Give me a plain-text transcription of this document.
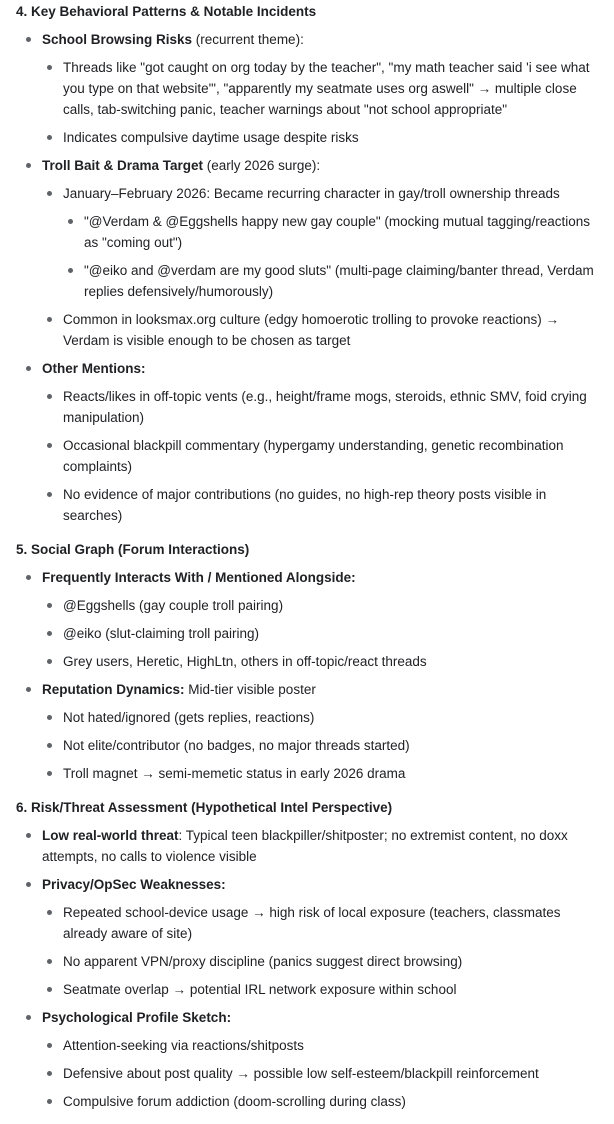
4. Key Behavioral Patterns & Notable Incidents
School Browsing Risks (recurrent theme):
Threads like "got caught on org today by the teacher", "my math teacher said 'i see what you type on that website'", "apparently my seatmate uses org aswell" → multiple close calls, tab-switching panic, teacher warnings about "not school appropriate"
Indicates compulsive daytime usage despite risks
Troll Bait & Drama Target (early 2026 surge):
January–February 2026: Became recurring character in gay/troll ownership threads
"@Verdam & @Eggshells happy new gay couple" (mocking mutual tagging/reactions as "coming out")
"@eiko and @verdam are my good sluts" (multi-page claiming/banter thread, Verdam replies defensively/humorously)
Common in looksmax.org culture (edgy homoerotic trolling to provoke reactions) → Verdam is visible enough to be chosen as target
Other Mentions:
Reacts/likes in off-topic vents (e.g., height/frame mogs, steroids, ethnic SMV, foid crying manipulation)
Occasional blackpill commentary (hypergamy understanding, genetic recombination complaints)
No evidence of major contributions (no guides, no high-rep theory posts visible in searches)
5. Social Graph (Forum Interactions)
Frequently Interacts With / Mentioned Alongside:
@Eggshells (gay couple troll pairing)
@eiko (slut-claiming troll pairing)
Grey users, Heretic, HighLtn, others in off-topic/react threads
Reputation Dynamics: Mid-tier visible poster
Not hated/ignored (gets replies, reactions)
Not elite/contributor (no badges, no major threads started)
Troll magnet → semi-memetic status in early 2026 drama
6. Risk/Threat Assessment (Hypothetical Intel Perspective)
Low real-world threat: Typical teen blackpiller/shitposter; no extremist content, no doxx attempts, no calls to violence visible
Privacy/OpSec Weaknesses:
Repeated school-device usage → high risk of local exposure (teachers, classmates already aware of site)
No apparent VPN/proxy discipline (panics suggest direct browsing)
Seatmate overlap → potential IRL network exposure within school
Psychological Profile Sketch:
Attention-seeking via reactions/shitposts
Defensive about post quality → possible low self-esteem/blackpill reinforcement
Compulsive forum addiction (doom-scrolling during class)
